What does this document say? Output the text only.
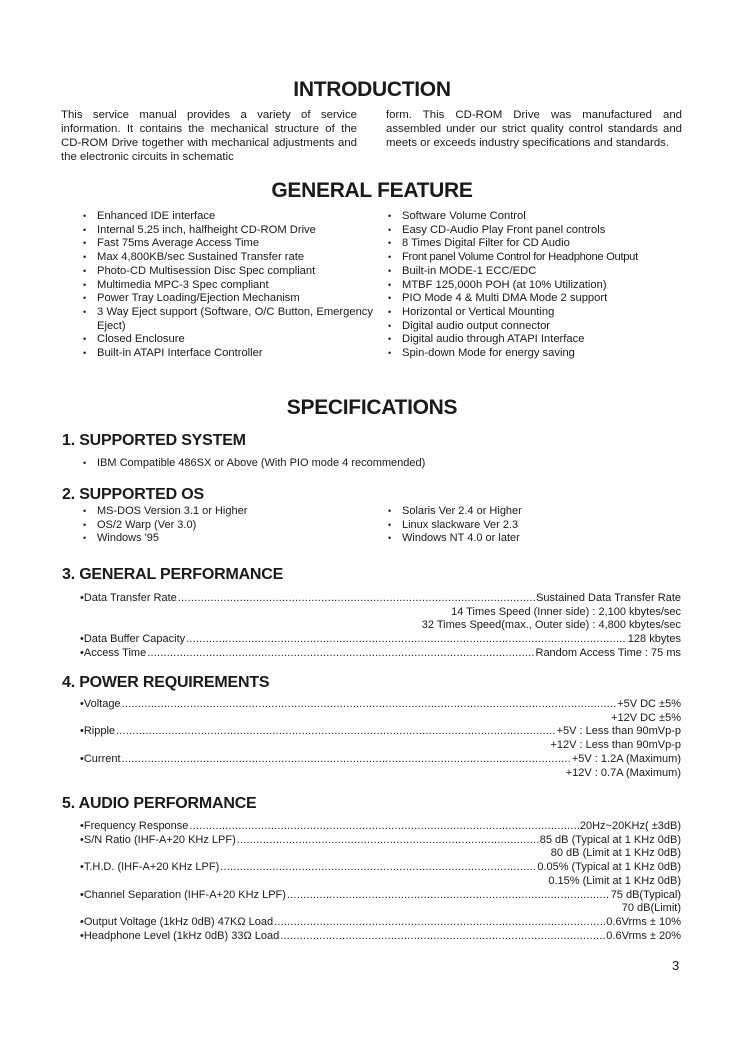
INTRODUCTION

This service manual provides a variety of service information. It contains the mechanical structure of the CD-ROM Drive together with mechanical adjustments and the electronic circuits in schematic

form. This CD-ROM Drive was manufactured and assembled under our strict quality control standards and meets or exceeds industry specifications and standards.

GENERAL FEATURE
• Enhanced IDE interface
• Internal 5.25 inch, halfheight CD-ROM Drive
• Fast 75ms Average Access Time
• Max 4,800KB/sec Sustained Transfer rate
• Photo-CD Multisession Disc Spec compliant
• Multimedia MPC-3 Spec compliant
• Power Tray Loading/Ejection Mechanism
• 3 Way Eject support (Software, O/C Button, Emergency Eject)
• Closed Enclosure
• Built-in ATAPI Interface Controller
• Software Volume Control
• Easy CD-Audio Play Front panel controls
• 8 Times Digital Filter for CD Audio
• Front panel Volume Control for Headphone Output
• Built-in MODE-1 ECC/EDC
• MTBF 125,000h POH (at 10% Utilization)
• PIO Mode 4 & Multi DMA Mode 2 support
• Horizontal or Vertical Mounting
• Digital audio output connector
• Digital audio through ATAPI Interface
• Spin-down Mode for energy saving
SPECIFICATIONS
1. SUPPORTED SYSTEM
• IBM Compatible 486SX or Above (With PIO mode 4 recommended)
2. SUPPORTED OS
• MS-DOS Version 3.1 or Higher
• OS/2 Warp (Ver 3.0)
• Windows '95
• Solaris Ver 2.4 or Higher
• Linux slackware Ver 2.3
• Windows NT 4.0 or later
3. GENERAL PERFORMANCE
•Data Transfer Rate .....	Sustained Data Transfer Rate
14 Times Speed (Inner side) : 2,100 kbytes/sec
32 Times Speed(max., Outer side) : 4,800 kbytes/sec
•Data Buffer Capacity .....	128 kbytes
•Access Time .....	Random Access Time : 75 ms
4. POWER REQUIREMENTS
•Voltage .....	+5V DC ±5%
+12V DC ±5%
•Ripple .....	+5V : Less than 90mVp-p
+12V : Less than 90mVp-p
•Current .....	+5V : 1.2A (Maximum)
+12V : 0.7A (Maximum)
5. AUDIO PERFORMANCE
•Frequency Response .....	20Hz~20KHz( ±3dB)
•S/N Ratio (IHF-A+20 KHz LPF) .....	85 dB (Typical at 1 KHz 0dB)
80 dB (Limit at 1 KHz 0dB)
•T.H.D. (IHF-A+20 KHz LPF) .....	0.05% (Typical at 1 KHz 0dB)
0.15% (Limit at 1 KHz 0dB)
•Channel Separation (IHF-A+20 KHz LPF) .....	75 dB(Typical)
70 dB(Limit)
•Output Voltage (1kHz 0dB) 47KΩ Load .....	0.6Vrms ± 10%
•Headphone Level (1kHz 0dB) 33Ω Load .....	0.6Vrms ± 20%
3
